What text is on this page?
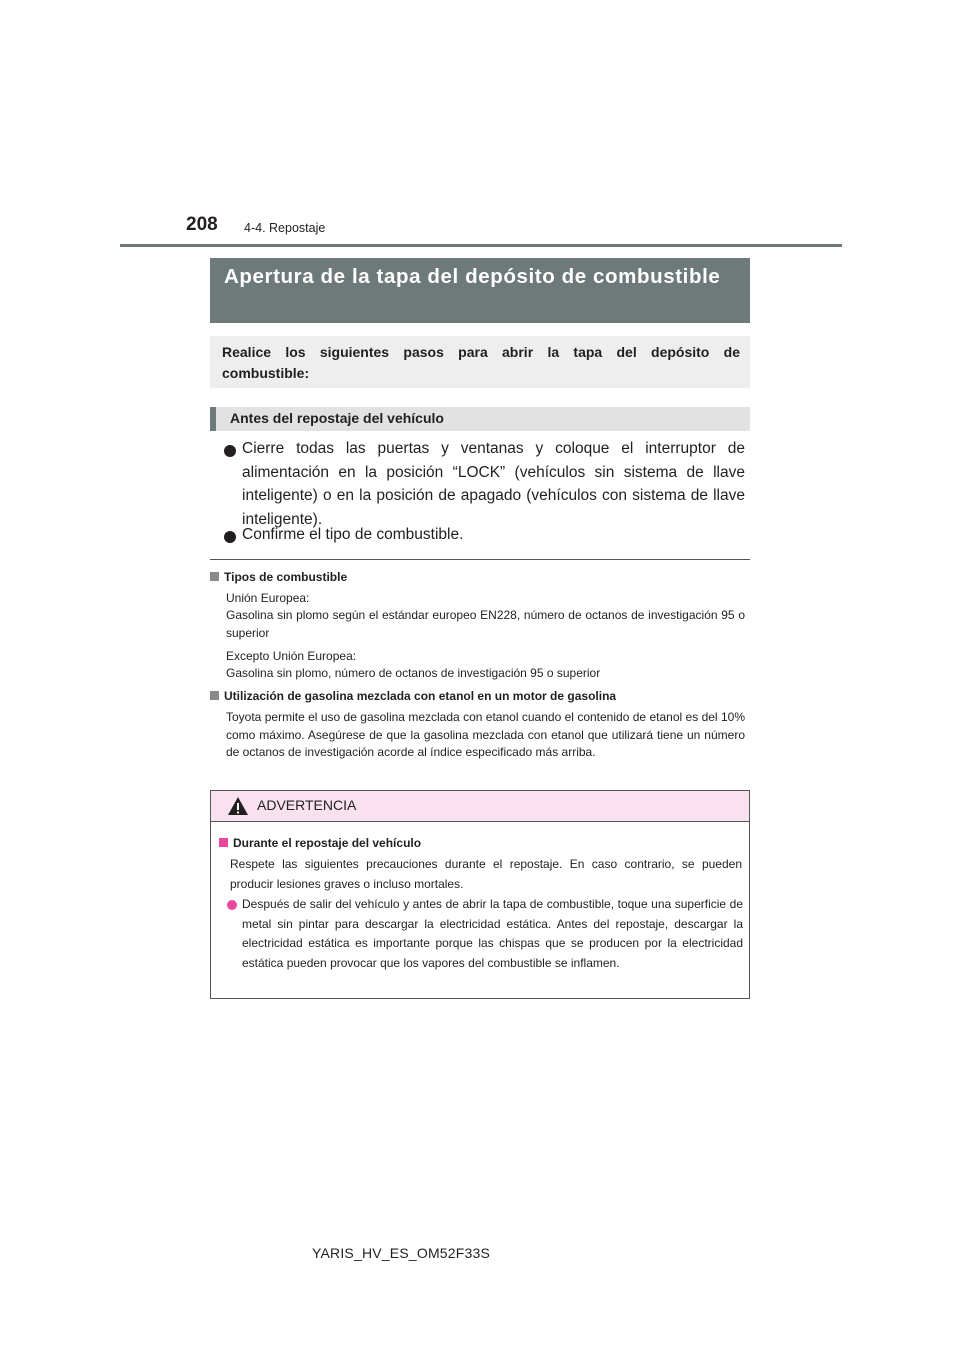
208 4-4. Repostaje
Apertura de la tapa del depósito de combustible

Realice los siguientes pasos para abrir la tapa del depósito de combustible:

Antes del repostaje del vehículo

Cierre todas las puertas y ventanas y coloque el interruptor de alimentación en la posición “LOCK” (vehículos sin sistema de llave inteligente) o en la posición de apagado (vehículos con sistema de llave inteligente).

Confirme el tipo de combustible.

Tipos de combustible

Unión Europea:

Gasolina sin plomo según el estándar europeo EN228, número de octanos de investigación 95 o superior

Excepto Unión Europea:

Gasolina sin plomo, número de octanos de investigación 95 o superior

Utilización de gasolina mezclada con etanol en un motor de gasolina

Toyota permite el uso de gasolina mezclada con etanol cuando el contenido de etanol es del 10% como máximo. Asegúrese de que la gasolina mezclada con etanol que utilizará tiene un número de octanos de investigación acorde al índice especificado más arriba.

ADVERTENCIA
Durante el repostaje del vehículo

Respete las siguientes precauciones durante el repostaje. En caso contrario, se pueden producir lesiones graves o incluso mortales.

Después de salir del vehículo y antes de abrir la tapa de combustible, toque una superficie de metal sin pintar para descargar la electricidad estática. Antes del repostaje, descargar la electricidad estática es importante porque las chispas que se producen por la electricidad estática pueden provocar que los vapores del combustible se inflamen.

YARIS_HV_ES_OM52F33S
